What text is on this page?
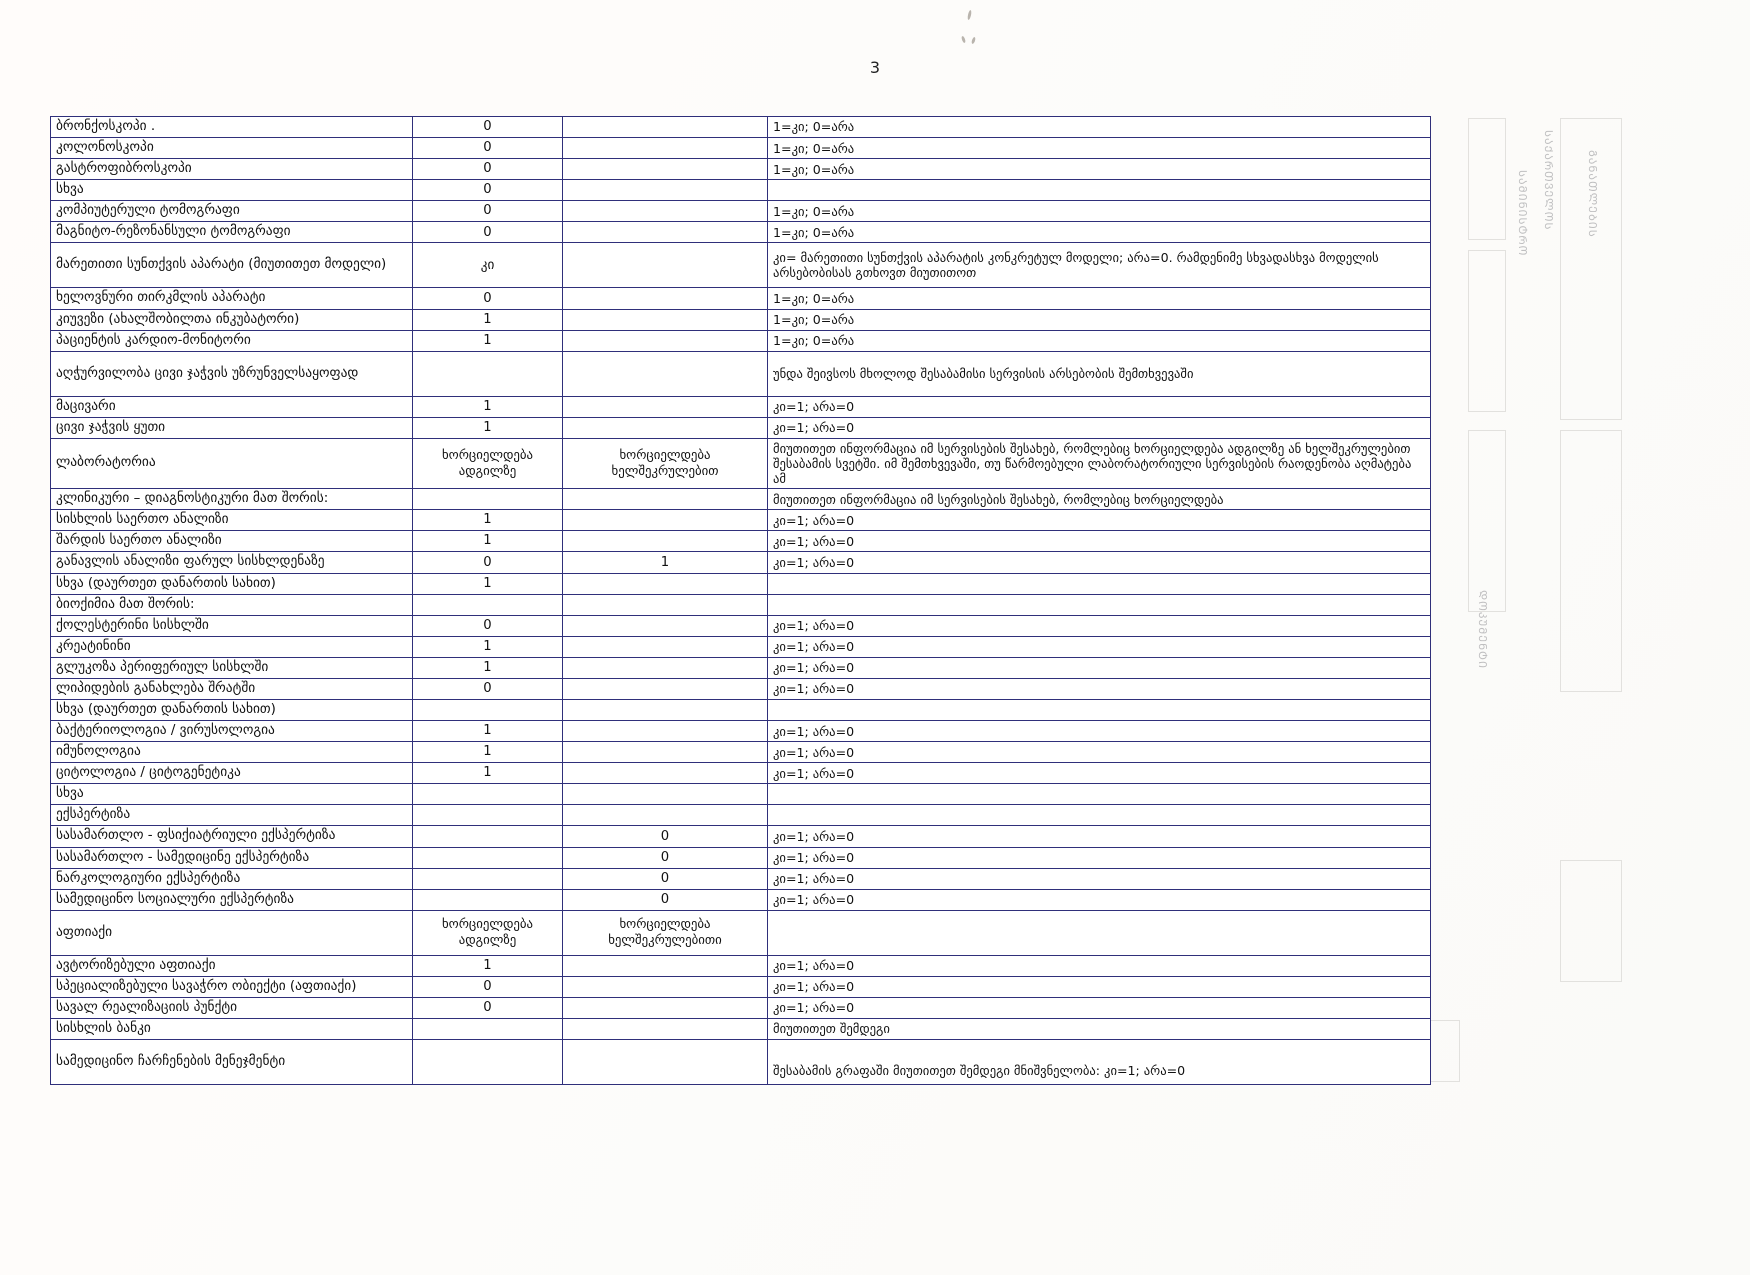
3
ბრონქოსკოპი .	0		1=კი; 0=არა
კოლონოსკოპი	0		1=კი; 0=არა
გასტროფიბროსკოპი	0		1=კი; 0=არა
სხვა	0		
კომპიუტერული ტომოგრაფი	0		1=კი; 0=არა
მაგნიტო-რეზონანსული ტომოგრაფი	0		1=კი; 0=არა
მარეთითი სუნთქვის აპარატი (მიუთითეთ მოდელი)	კი		კი= მარეთითი სუნთქვის აპარატის კონკრეტულ მოდელი; არა=0. რამდენიმე სხვადასხვა მოდელის არსებობისას გთხოვთ მიუთითოთ
ხელოვნური თირკმლის აპარატი	0		1=კი; 0=არა
კიუვეზი (ახალშობილთა ინკუბატორი)	1		1=კი; 0=არა
პაციენტის კარდიო-მონიტორი	1		1=კი; 0=არა
აღჭურვილობა ცივი ჯაჭვის უზრუნველსაყოფად			უნდა შეივსოს მხოლოდ შესაბამისი სერვისის არსებობის შემთხვევაში
მაცივარი	1		კი=1; არა=0
ცივი ჯაჭვის ყუთი	1		კი=1; არა=0
ლაბორატორია	ხორციელდება ადგილზე	ხორციელდება ხელშეკრულებით	მიუთითეთ ინფორმაცია იმ სერვისების შესახებ, რომლებიც ხორციელდება ადგილზე ან ხელშეკრულებით შესაბამის სვეტში. იმ შემთხვევაში, თუ წარმოებული ლაბორატორიული სერვისების რაოდენობა აღმატება ამ
კლინიკური – დიაგნოსტიკური მათ შორის:			მიუთითეთ ინფორმაცია იმ სერვისების შესახებ, რომლებიც ხორციელდება
სისხლის საერთო ანალიზი	1		კი=1; არა=0
შარდის საერთო ანალიზი	1		კი=1; არა=0
განავლის ანალიზი ფარულ სისხლდენაზე	0	1	კი=1; არა=0
სხვა (დაურთეთ დანართის სახით)	1		
ბიოქიმია მათ შორის:			
ქოლესტერინი სისხლში	0		კი=1; არა=0
კრეატინინი	1		კი=1; არა=0
გლუკოზა პერიფერიულ სისხლში	1		კი=1; არა=0
ლიპიდების განახლება შრატში	0		კი=1; არა=0
სხვა (დაურთეთ დანართის სახით)			
ბაქტერიოლოგია / ვირუსოლოგია	1		კი=1; არა=0
იმუნოლოგია	1		კი=1; არა=0
ციტოლოგია / ციტოგენეტიკა	1		კი=1; არა=0
სხვა			
ექსპერტიზა			
სასამართლო - ფსიქიატრიული ექსპერტიზა		0	კი=1; არა=0
სასამართლო - სამედიცინე ექსპერტიზა		0	კი=1; არა=0
ნარკოლოგიური ექსპერტიზა		0	კი=1; არა=0
სამედიცინო სოციალური ექსპერტიზა		0	კი=1; არა=0
აფთიაქი	ხორციელდება ადგილზე	ხორციელდება ხელშეკრულებითი	
ავტორიზებული აფთიაქი	1		კი=1; არა=0
სპეციალიზებული სავაჭრო ობიექტი (აფთიაქი)	0		კი=1; არა=0
სავალ რეალიზაციის პუნქტი	0		კი=1; არა=0
სისხლის ბანკი			მიუთითეთ შემდეგი
სამედიცინო ჩარჩენების მენეჯმენტი			შესაბამის გრაფაში მიუთითეთ შემდეგი მნიშვნელობა: კი=1; არა=0
ᲡᲐᲥᲐᲠᲗᲕᲔᲚᲝᲡ	ᲒᲐᲜᲐᲗᲚᲔᲑᲘᲡ
ᲡᲐᲛᲘᲜᲘᲡᲢᲠᲝ
ᲓᲝᲙᲣᲛᲔᲜᲢᲘ
